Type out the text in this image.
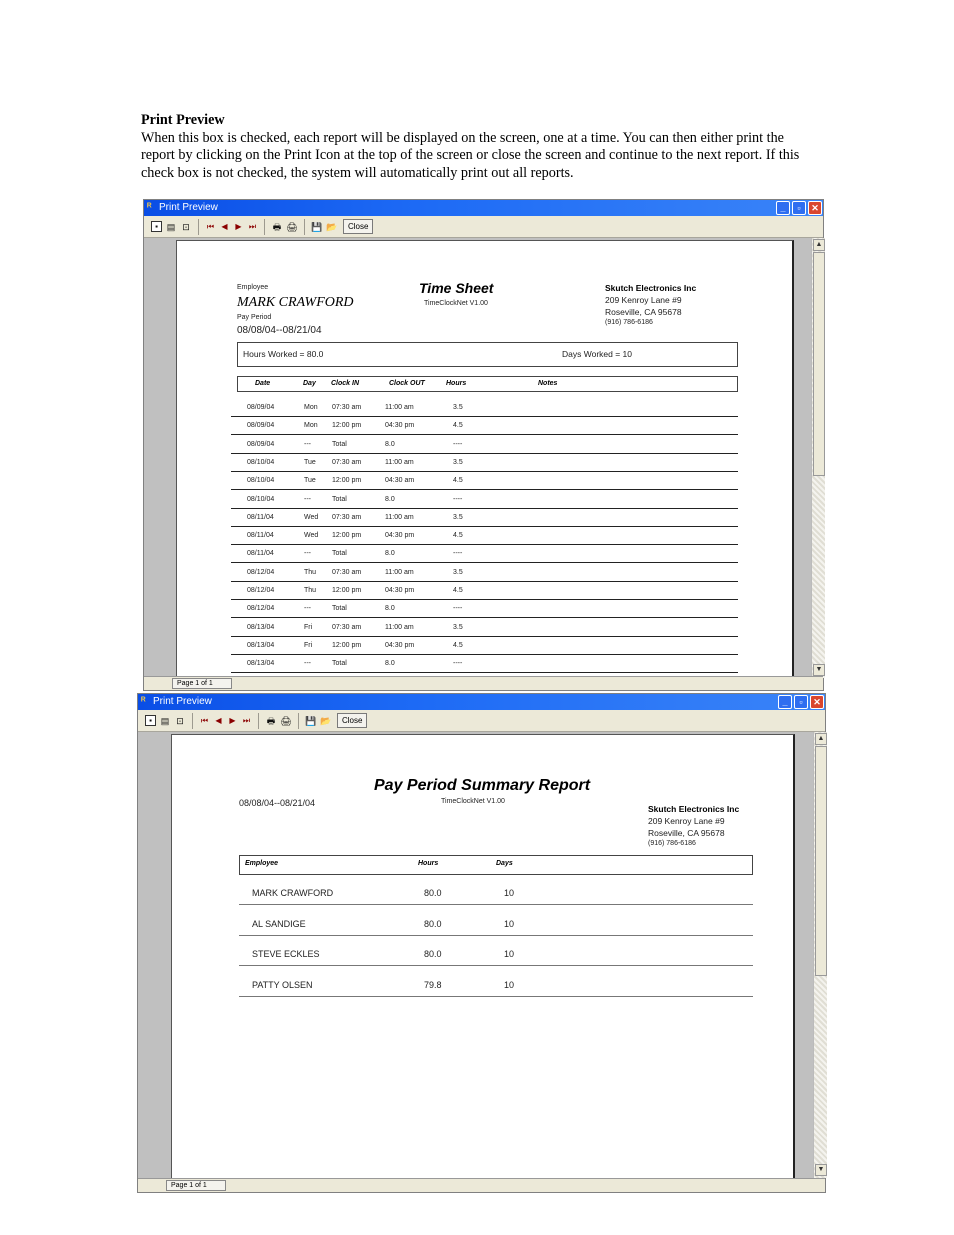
Print Preview
When this box is checked, each report will be displayed on the screen, one at a time. You can then either print the report by clicking on the Print Icon at the top of the screen or close the screen and continue to the next report. If this check box is not checked, the system will automatically print out all reports.
ᴿ Print Preview	_	▫	✕
▪ ▤ ⊡	⏮ ◀ ▶ ⏭	🖶 🖨 💾 📂	Close
Employee
MARK CRAWFORD
Pay Period
08/08/04--08/21/04
Time Sheet
TimeClockNet V1.00
Skutch Electronics Inc
209 Kenroy Lane #9
Roseville, CA 95678
(916) 786-6186
Hours Worked = 80.0	Days Worked = 10
Date	Day Clock IN	Clock OUT	Hours	Notes
08/09/04	Mon 07:30 am	11:00 am	3.5
08/09/04	Mon 12:00 pm	04:30 pm	4.5
08/09/04	---	Total	8.0	----
08/10/04	Tue 07:30 am	11:00 am	3.5
08/10/04	Tue 12:00 pm	04:30 am	4.5
08/10/04	---	Total	8.0	----
08/11/04	Wed 07:30 am	11:00 am	3.5
08/11/04	Wed 12:00 pm	04:30 pm	4.5
08/11/04	---	Total	8.0	----
08/12/04	Thu 07:30 am	11:00 am	3.5
08/12/04	Thu 12:00 pm	04:30 pm	4.5
08/12/04	---	Total	8.0	----
08/13/04	Fri	07:30 am	11:00 am	3.5
08/13/04	Fri	12:00 pm	04:30 pm	4.5
08/13/04	---	Total	8.0	----
▲
▼
Page 1 of 1
ᴿ Print Preview	_	▫	✕
▪ ▤ ⊡	⏮ ◀ ▶ ⏭	🖶 🖨 💾 📂	Close
Pay Period Summary Report
08/08/04--08/21/04	TimeClockNet V1.00
Skutch Electronics Inc
209 Kenroy Lane #9
Roseville, CA 95678
(916) 786-6186
Employee	Hours	Days
MARK CRAWFORD	80.0	10
AL SANDIGE	80.0	10
STEVE ECKLES	80.0	10
PATTY OLSEN	79.8	10
▲
▼
Page 1 of 1
